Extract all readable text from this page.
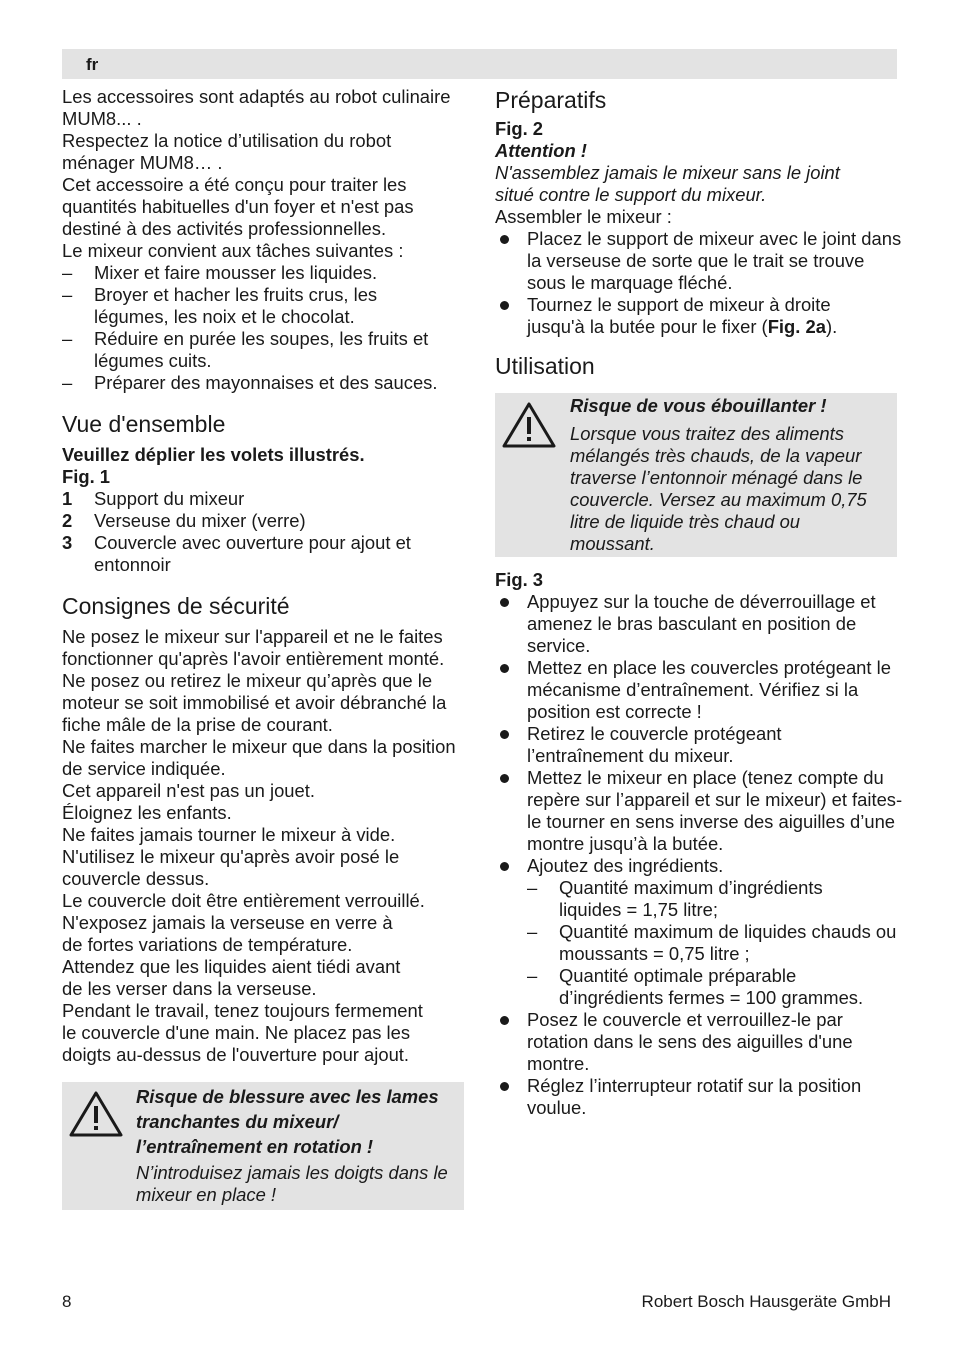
fr

Les accessoires sont adaptés au robot culinaire MUM8... .

Respectez la notice d’utilisation du robot ménager MUM8… .

Cet accessoire a été conçu pour traiter les quantités habituelles d'un foyer et n'est pas destiné à des activités professionnelles.

Le mixeur convient aux tâches suivantes :

– Mixer et faire mousser les liquides.
– Broyer et hacher les fruits crus, les légumes, les noix et le chocolat.
– Réduire en purée les soupes, les fruits et légumes cuits.
– Préparer des mayonnaises et des sauces.
Vue d'ensemble

Veuillez déplier les volets illustrés.

Fig. 1

1 Support du mixeur
2 Verseuse du mixer (verre)
3 Couvercle avec ouverture pour ajout et entonnoir
Consignes de sécurité

Ne posez le mixeur sur l'appareil et ne le faites fonctionner qu'après l'avoir entièrement monté.

Ne posez ou retirez le mixeur qu’après que le moteur se soit immobilisé et avoir débranché la fiche mâle de la prise de courant.

Ne faites marcher le mixeur que dans la position de service indiquée.

Cet appareil n'est pas un jouet.

Éloignez les enfants.

Ne faites jamais tourner le mixeur à vide.

N'utilisez le mixeur qu'après avoir posé le couvercle dessus.

Le couvercle doit être entièrement verrouillé.

N'exposez jamais la verseuse en verre à de fortes variations de température.

Attendez que les liquides aient tiédi avant de les verser dans la verseuse.

Pendant le travail, tenez toujours fermement le couvercle d'une main. Ne placez pas les doigts au-dessus de l'ouverture pour ajout.

Risque de blessure avec les lames tranchantes du mixeur/ l’entraînement en rotation !

N’introduisez jamais les doigts dans le mixeur en place !

Préparatifs

Fig. 2

Attention !

N'assemblez jamais le mixeur sans le joint situé contre le support du mixeur.

Assembler le mixeur :

Placez le support de mixeur avec le joint dans la verseuse de sorte que le trait se trouve sous le marquage fléché.
Tournez le support de mixeur à droite jusqu'à la butée pour le fixer (Fig. 2a).
Utilisation

Risque de vous ébouillanter !

Lorsque vous traitez des aliments mélangés très chauds, de la vapeur traverse l’entonnoir ménagé dans le couvercle. Versez au maximum 0,75 litre de liquide très chaud ou moussant.

Fig. 3

Appuyez sur la touche de déverrouillage et amenez le bras basculant en position de service.
Mettez en place les couvercles protégeant le mécanisme d’entraînement. Vérifiez si la position est correcte !
Retirez le couvercle protégeant l’entraînement du mixeur.
Mettez le mixeur en place (tenez compte du repère sur l’appareil et sur le mixeur) et faites-le tourner en sens inverse des aiguilles d’une montre jusqu’à la butée.
Ajoutez des ingrédients.
– Quantité maximum d’ingrédients liquides = 1,75 litre;
– Quantité maximum de liquides chauds ou moussants = 0,75 litre ;
– Quantité optimale préparable d’ingrédients fermes = 100 grammes.
Posez le couvercle et verrouillez-le par rotation dans le sens des aiguilles d'une montre.
Réglez l’interrupteur rotatif sur la position voulue.
8	Robert Bosch Hausgeräte GmbH
